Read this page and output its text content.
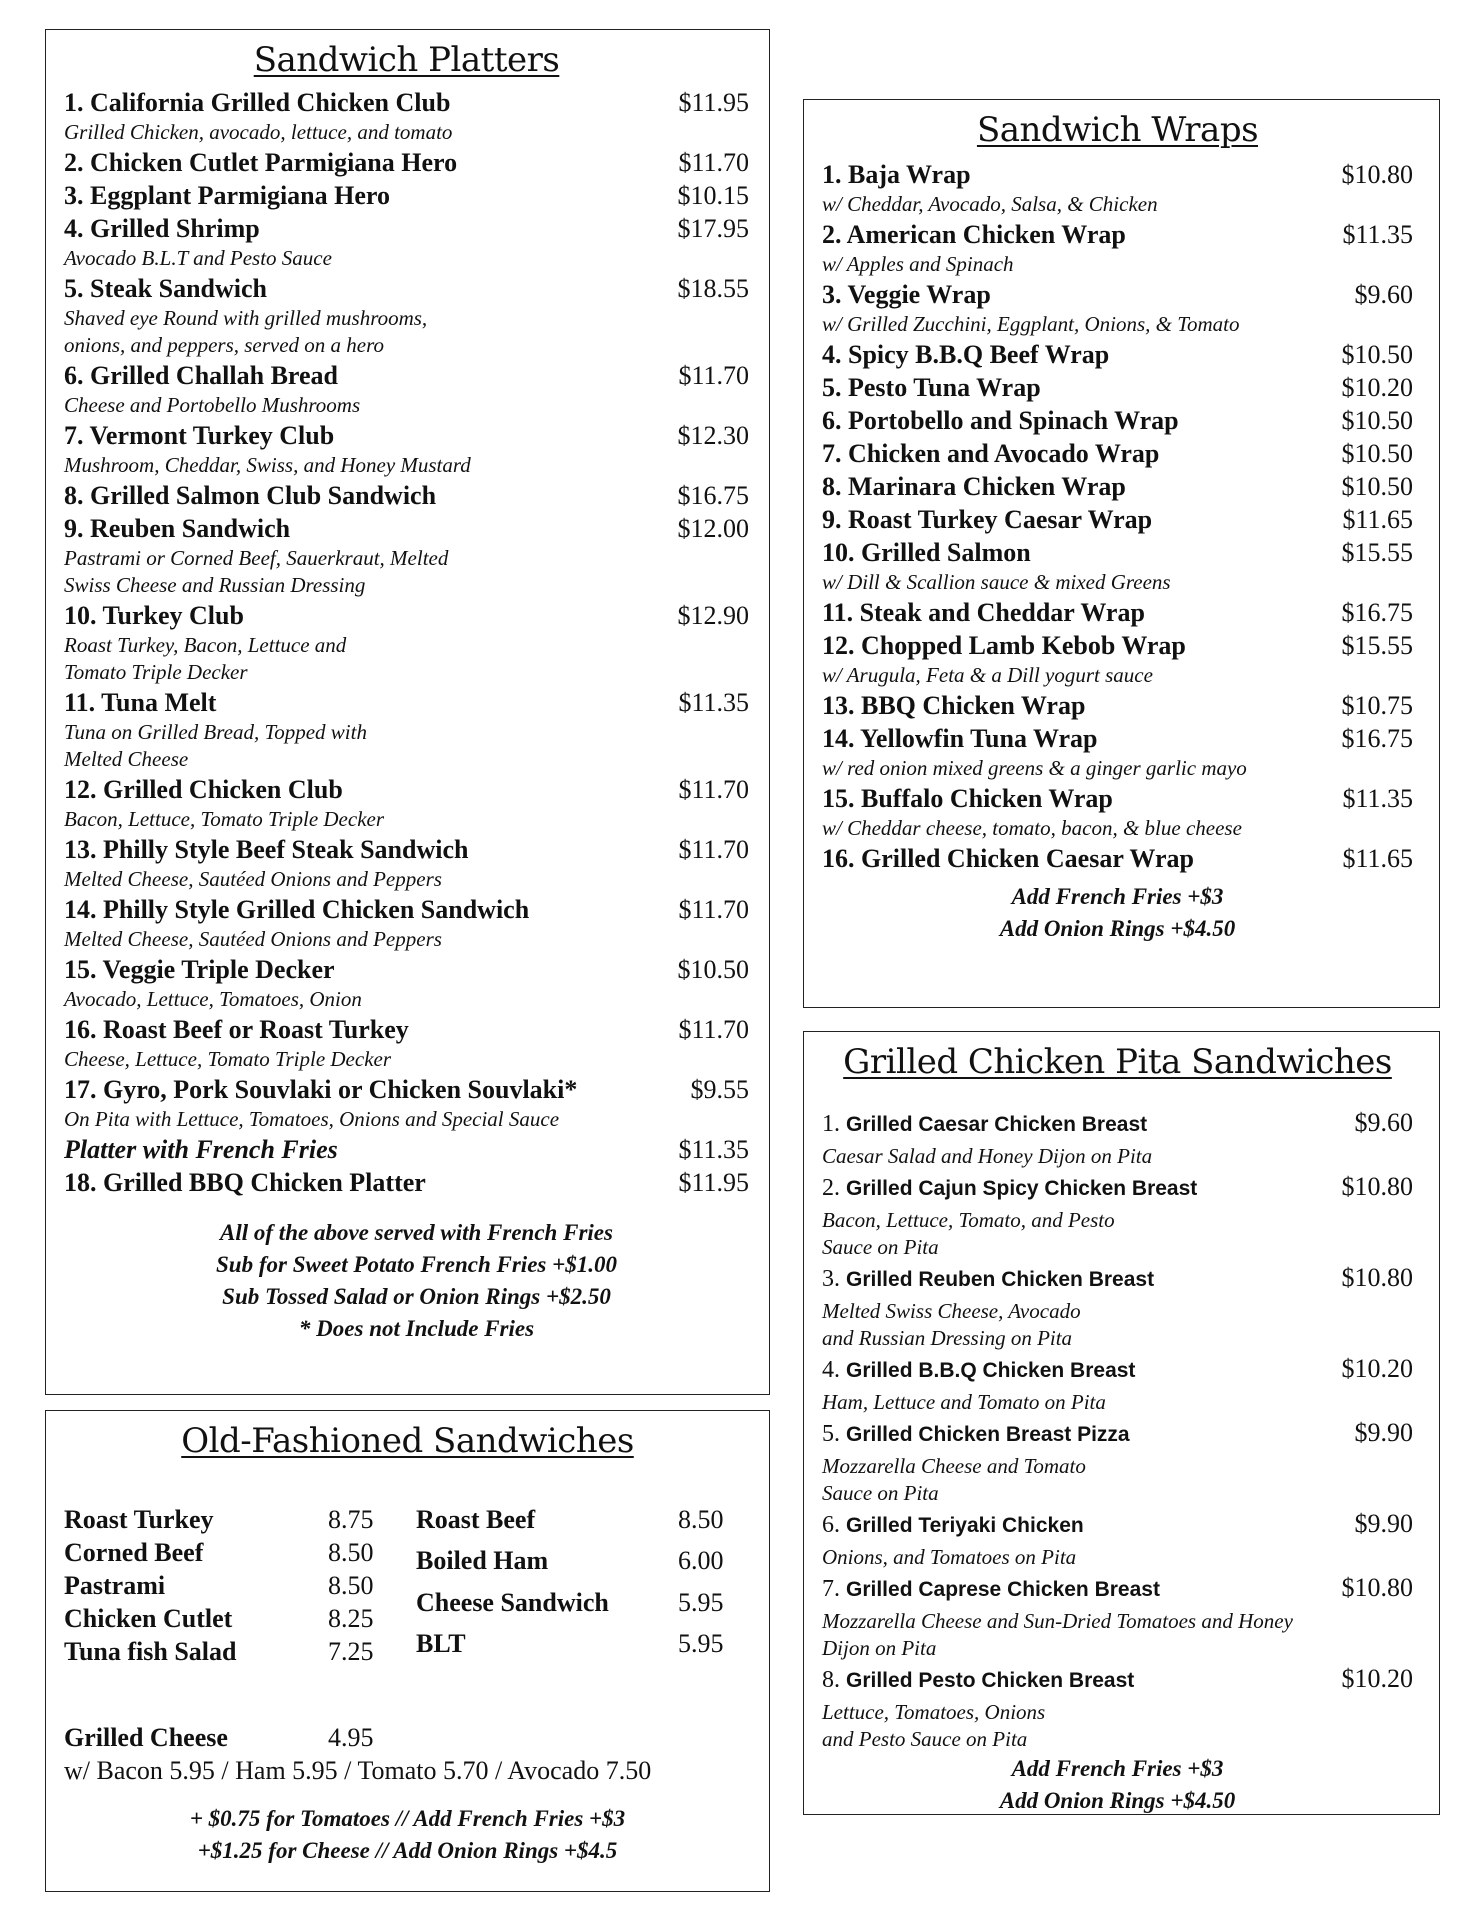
Sandwich Platters
1. California Grilled Chicken Club	$11.95
Grilled Chicken, avocado, lettuce, and tomato
2. Chicken Cutlet Parmigiana Hero	$11.70
3. Eggplant Parmigiana Hero	$10.15
4. Grilled Shrimp	$17.95
Avocado B.L.T and Pesto Sauce
5. Steak Sandwich	$18.55
Shaved eye Round with grilled mushrooms,
onions, and peppers, served on a hero
6. Grilled Challah Bread	$11.70
Cheese and Portobello Mushrooms
7. Vermont Turkey Club	$12.30
Mushroom, Cheddar, Swiss, and Honey Mustard
8. Grilled Salmon Club Sandwich	$16.75
9. Reuben Sandwich	$12.00
Pastrami or Corned Beef, Sauerkraut, Melted
Swiss Cheese and Russian Dressing
10. Turkey Club	$12.90
Roast Turkey, Bacon, Lettuce and
Tomato Triple Decker
11. Tuna Melt	$11.35
Tuna on Grilled Bread, Topped with
Melted Cheese
12. Grilled Chicken Club	$11.70
Bacon, Lettuce, Tomato Triple Decker
13. Philly Style Beef Steak Sandwich	$11.70
Melted Cheese, Sautéed Onions and Peppers
14. Philly Style Grilled Chicken Sandwich	$11.70
Melted Cheese, Sautéed Onions and Peppers
15. Veggie Triple Decker	$10.50
Avocado, Lettuce, Tomatoes, Onion
16. Roast Beef or Roast Turkey	$11.70
Cheese, Lettuce, Tomato Triple Decker
17. Gyro, Pork Souvlaki or Chicken Souvlaki*	$9.55
On Pita with Lettuce, Tomatoes, Onions and Special Sauce
Platter with French Fries	$11.35
18. Grilled BBQ Chicken Platter	$11.95
All of the above served with French Fries
Sub for Sweet Potato French Fries +$1.00
Sub Tossed Salad or Onion Rings +$2.50
* Does not Include Fries
Sandwich Wraps
1. Baja Wrap	$10.80
w/ Cheddar, Avocado, Salsa, & Chicken
2. American Chicken Wrap	$11.35
w/ Apples and Spinach
3. Veggie Wrap	$9.60
w/ Grilled Zucchini, Eggplant, Onions, & Tomato
4. Spicy B.B.Q Beef Wrap	$10.50
5. Pesto Tuna Wrap	$10.20
6. Portobello and Spinach Wrap	$10.50
7. Chicken and Avocado Wrap	$10.50
8. Marinara Chicken Wrap	$10.50
9. Roast Turkey Caesar Wrap	$11.65
10. Grilled Salmon	$15.55
w/ Dill & Scallion sauce & mixed Greens
11. Steak and Cheddar Wrap	$16.75
12. Chopped Lamb Kebob Wrap	$15.55
w/ Arugula, Feta & a Dill yogurt sauce
13. BBQ Chicken Wrap	$10.75
14. Yellowfin Tuna Wrap	$16.75
w/ red onion mixed greens & a ginger garlic mayo
15. Buffalo Chicken Wrap	$11.35
w/ Cheddar cheese, tomato, bacon, & blue cheese
16. Grilled Chicken Caesar Wrap	$11.65
Add French Fries +$3
Add Onion Rings +$4.50
Grilled Chicken Pita Sandwiches
1. Grilled Caesar Chicken Breast	$9.60
Caesar Salad and Honey Dijon on Pita
2. Grilled Cajun Spicy Chicken Breast	$10.80
Bacon, Lettuce, Tomato, and Pesto
Sauce on Pita
3. Grilled Reuben Chicken Breast	$10.80
Melted Swiss Cheese, Avocado
and Russian Dressing on Pita
4. Grilled B.B.Q Chicken Breast	$10.20
Ham, Lettuce and Tomato on Pita
5. Grilled Chicken Breast Pizza	$9.90
Mozzarella Cheese and Tomato
Sauce on Pita
6. Grilled Teriyaki Chicken	$9.90
Onions, and Tomatoes on Pita
7. Grilled Caprese Chicken Breast	$10.80
Mozzarella Cheese and Sun-Dried Tomatoes and Honey
Dijon on Pita
8. Grilled Pesto Chicken Breast	$10.20
Lettuce, Tomatoes, Onions
and Pesto Sauce on Pita
Add French Fries +$3
Add Onion Rings +$4.50
Old-Fashioned Sandwiches
Roast Turkey	8.75
Corned Beef	8.50
Pastrami	8.50
Chicken Cutlet	8.25
Tuna fish Salad	7.25
Roast Beef	8.50
Boiled Ham	6.00
Cheese Sandwich	5.95
BLT	5.95
Grilled Cheese	4.95
w/ Bacon 5.95 / Ham 5.95 / Tomato 5.70 / Avocado 7.50
+ $0.75 for Tomatoes // Add French Fries +$3
+$1.25 for Cheese // Add Onion Rings +$4.5
